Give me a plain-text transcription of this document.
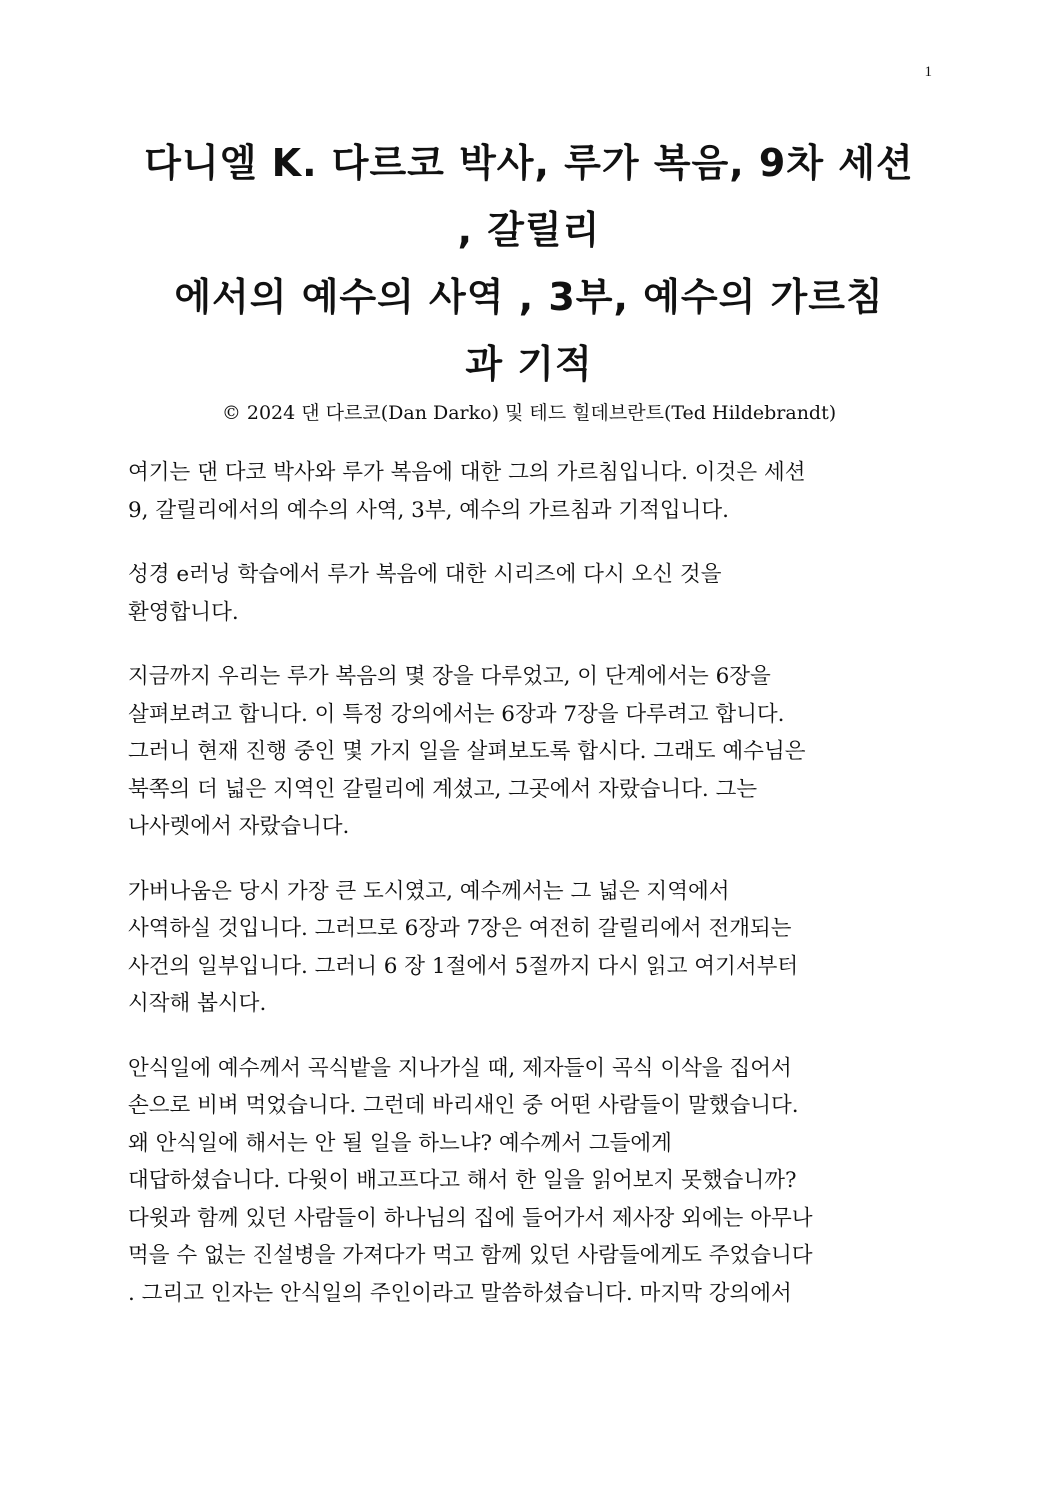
1
다니엘 K. 다르코 박사, 루가 복음, 9차 세션
, 갈릴리
에서의 예수의 사역 , 3부, 예수의 가르침
과 기적
© 2024 댄 다르코(Dan Darko) 및 테드 힐데브란트(Ted Hildebrandt)
여기는 댄 다코 박사와 루가 복음에 대한 그의 가르침입니다. 이것은 세션
9, 갈릴리에서의 예수의 사역, 3부, 예수의 가르침과 기적입니다.
성경 e러닝 학습에서 루가 복음에 대한 시리즈에 다시 오신 것을
환영합니다.
지금까지 우리는 루가 복음의 몇 장을 다루었고, 이 단계에서는 6장을
살펴보려고 합니다. 이 특정 강의에서는 6장과 7장을 다루려고 합니다.
그러니 현재 진행 중인 몇 가지 일을 살펴보도록 합시다. 그래도 예수님은
북쪽의 더 넓은 지역인 갈릴리에 계셨고, 그곳에서 자랐습니다. 그는
나사렛에서 자랐습니다.
가버나움은 당시 가장 큰 도시였고, 예수께서는 그 넓은 지역에서
사역하실 것입니다. 그러므로 6장과 7장은 여전히 갈릴리에서 전개되는
사건의 일부입니다. 그러니 6 장 1절에서 5절까지 다시 읽고 여기서부터
시작해 봅시다.
안식일에 예수께서 곡식밭을 지나가실 때, 제자들이 곡식 이삭을 집어서
손으로 비벼 먹었습니다. 그런데 바리새인 중 어떤 사람들이 말했습니다.
왜 안식일에 해서는 안 될 일을 하느냐? 예수께서 그들에게
대답하셨습니다. 다윗이 배고프다고 해서 한 일을 읽어보지 못했습니까?
다윗과 함께 있던 사람들이 하나님의 집에 들어가서 제사장 외에는 아무나
먹을 수 없는 진설병을 가져다가 먹고 함께 있던 사람들에게도 주었습니다
. 그리고 인자는 안식일의 주인이라고 말씀하셨습니다. 마지막 강의에서
